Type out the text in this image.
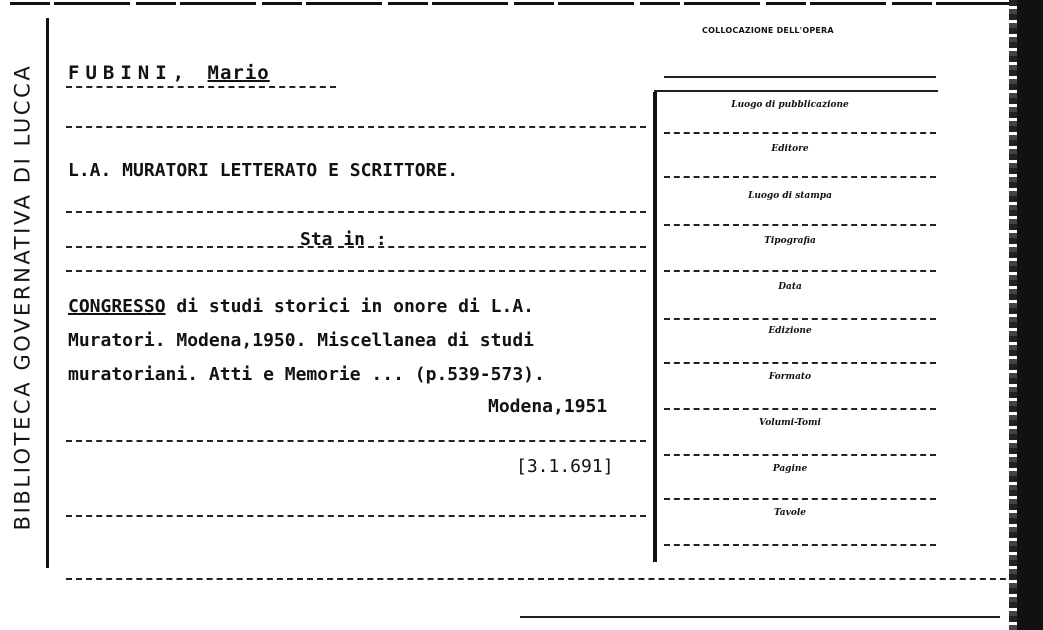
BIBLIOTECA GOVERNATIVA DI LUCCA
COLLOCAZIONE DELL'OPERA
FUBINI, Mario
L.A. MURATORI LETTERATO E SCRITTORE.
Sta in :
CONGRESSO di studi storici in onore di L.A.
Muratori. Modena,1950. Miscellanea di studi
muratoriani. Atti e Memorie ... (p.539-573).
Modena,1951
[3.1.691]
Luogo di pubblicazione
Editore
Luogo di stampa
Tipografia
Data
Edizione
Formato
Volumi-Tomi
Pagine
Tavole
